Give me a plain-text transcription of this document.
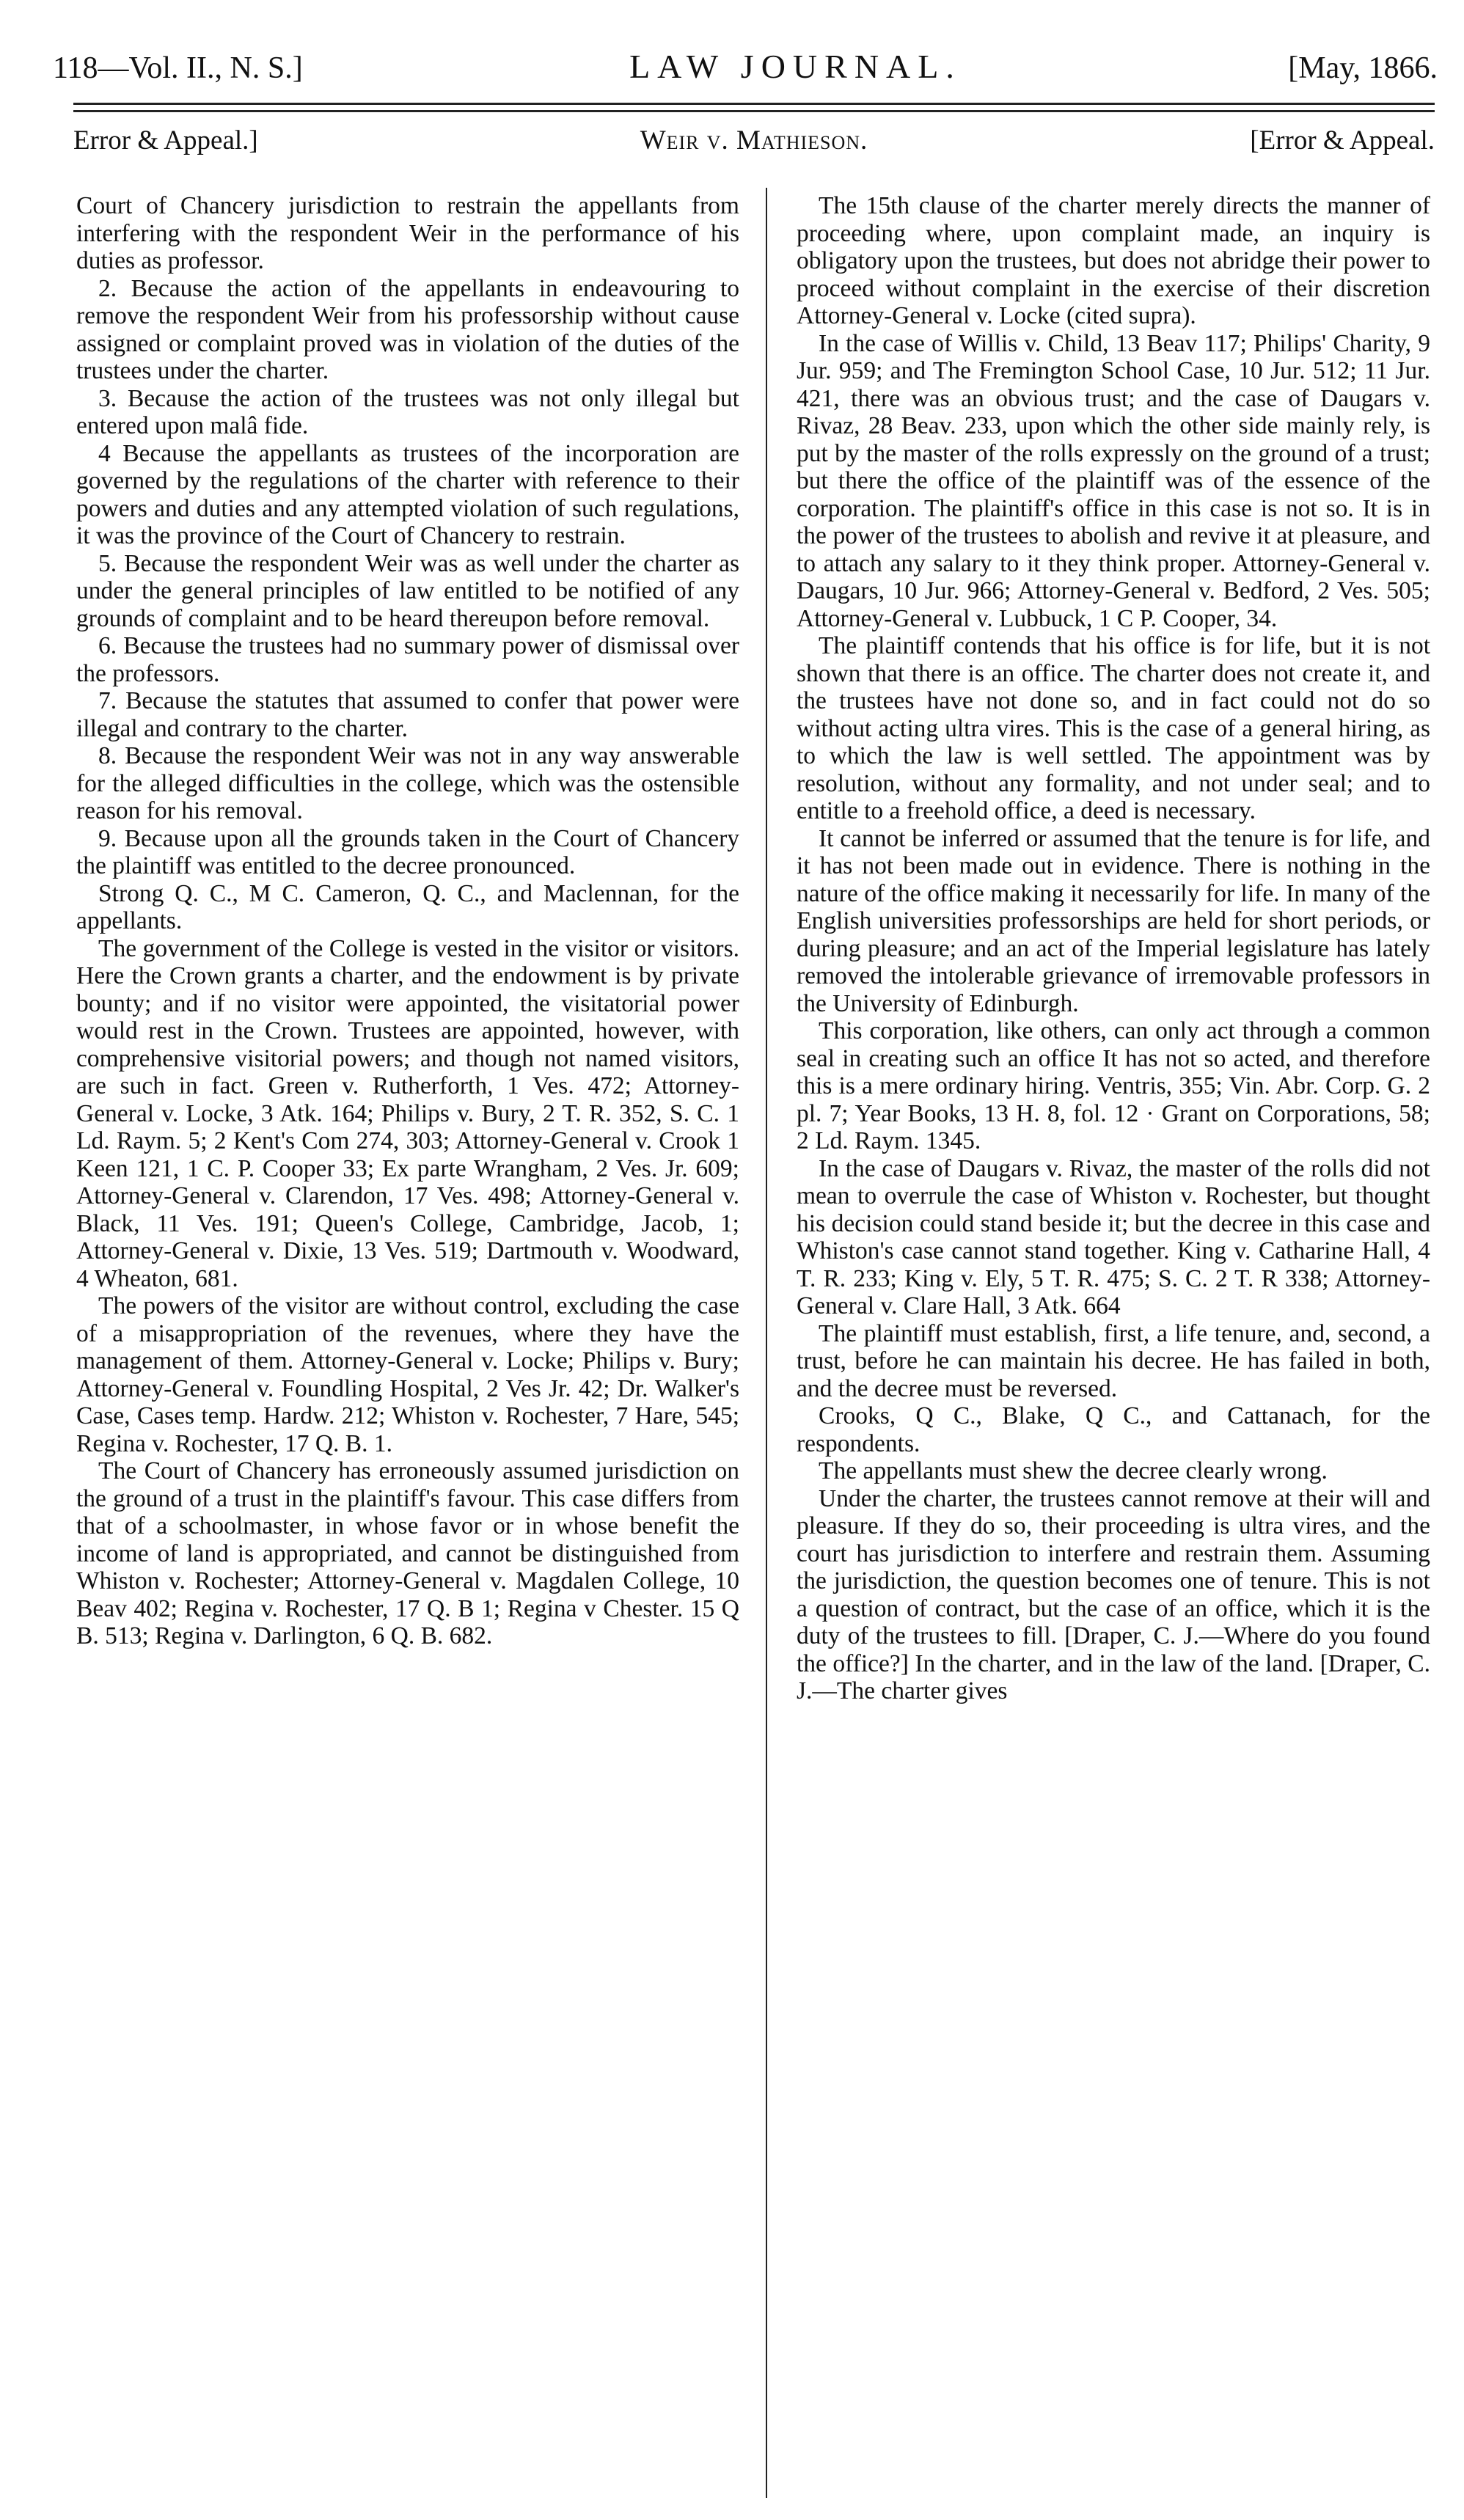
118—Vol. II., N. S.]	LAW JOURNAL.	[May, 1866.
Error & Appeal.]	Weir v. Mathieson.	[Error & Appeal.

Court of Chancery jurisdiction to restrain the appellants from interfering with the respondent Weir in the performance of his duties as professor.

2. Because the action of the appellants in endeavouring to remove the respondent Weir from his professorship without cause assigned or complaint proved was in violation of the duties of the trustees under the charter.

3. Because the action of the trustees was not only illegal but entered upon malâ fide.

4 Because the appellants as trustees of the incorporation are governed by the regulations of the charter with reference to their powers and duties and any attempted violation of such regulations, it was the province of the Court of Chancery to restrain.

5. Because the respondent Weir was as well under the charter as under the general principles of law entitled to be notified of any grounds of complaint and to be heard thereupon before removal.

6. Because the trustees had no summary power of dismissal over the professors.

7. Because the statutes that assumed to confer that power were illegal and contrary to the charter.

8. Because the respondent Weir was not in any way answerable for the alleged difficulties in the college, which was the ostensible reason for his removal.

9. Because upon all the grounds taken in the Court of Chancery the plaintiff was entitled to the decree pronounced.

Strong Q. C., M C. Cameron, Q. C., and Maclennan, for the appellants.

The government of the College is vested in the visitor or visitors. Here the Crown grants a charter, and the endowment is by private bounty; and if no visitor were appointed, the visitatorial power would rest in the Crown. Trustees are appointed, however, with comprehensive visitorial powers; and though not named visitors, are such in fact. Green v. Rutherforth, 1 Ves. 472; Attorney-General v. Locke, 3 Atk. 164; Philips v. Bury, 2 T. R. 352, S. C. 1 Ld. Raym. 5; 2 Kent's Com 274, 303; Attorney-General v. Crook 1 Keen 121, 1 C. P. Cooper 33; Ex parte Wrangham, 2 Ves. Jr. 609; Attorney-General v. Clarendon, 17 Ves. 498; Attorney-General v. Black, 11 Ves. 191; Queen's College, Cambridge, Jacob, 1; Attorney-General v. Dixie, 13 Ves. 519; Dartmouth v. Woodward, 4 Wheaton, 681.

The powers of the visitor are without control, excluding the case of a misappropriation of the revenues, where they have the management of them. Attorney-General v. Locke; Philips v. Bury; Attorney-General v. Foundling Hospital, 2 Ves Jr. 42; Dr. Walker's Case, Cases temp. Hardw. 212; Whiston v. Rochester, 7 Hare, 545; Regina v. Rochester, 17 Q. B. 1.

The Court of Chancery has erroneously assumed jurisdiction on the ground of a trust in the plaintiff's favour. This case differs from that of a schoolmaster, in whose favor or in whose benefit the income of land is appropriated, and cannot be distinguished from Whiston v. Rochester; Attorney-General v. Magdalen College, 10 Beav 402; Regina v. Rochester, 17 Q. B 1; Regina v Chester. 15 Q B. 513; Regina v. Darlington, 6 Q. B. 682.

The 15th clause of the charter merely directs the manner of proceeding where, upon complaint made, an inquiry is obligatory upon the trustees, but does not abridge their power to proceed without complaint in the exercise of their discretion Attorney-General v. Locke (cited supra).

In the case of Willis v. Child, 13 Beav 117; Philips' Charity, 9 Jur. 959; and The Fremington School Case, 10 Jur. 512; 11 Jur. 421, there was an obvious trust; and the case of Daugars v. Rivaz, 28 Beav. 233, upon which the other side mainly rely, is put by the master of the rolls expressly on the ground of a trust; but there the office of the plaintiff was of the essence of the corporation. The plaintiff's office in this case is not so. It is in the power of the trustees to abolish and revive it at pleasure, and to attach any salary to it they think proper. Attorney-General v. Daugars, 10 Jur. 966; Attorney-General v. Bedford, 2 Ves. 505; Attorney-General v. Lubbuck, 1 C P. Cooper, 34.

The plaintiff contends that his office is for life, but it is not shown that there is an office. The charter does not create it, and the trustees have not done so, and in fact could not do so without acting ultra vires. This is the case of a general hiring, as to which the law is well settled. The appointment was by resolution, without any formality, and not under seal; and to entitle to a freehold office, a deed is necessary.

It cannot be inferred or assumed that the tenure is for life, and it has not been made out in evidence. There is nothing in the nature of the office making it necessarily for life. In many of the English universities professorships are held for short periods, or during pleasure; and an act of the Imperial legislature has lately removed the intolerable grievance of irremovable professors in the University of Edinburgh.

This corporation, like others, can only act through a common seal in creating such an office It has not so acted, and therefore this is a mere ordinary hiring. Ventris, 355; Vin. Abr. Corp. G. 2 pl. 7; Year Books, 13 H. 8, fol. 12 · Grant on Corporations, 58; 2 Ld. Raym. 1345.

In the case of Daugars v. Rivaz, the master of the rolls did not mean to overrule the case of Whiston v. Rochester, but thought his decision could stand beside it; but the decree in this case and Whiston's case cannot stand together. King v. Catharine Hall, 4 T. R. 233; King v. Ely, 5 T. R. 475; S. C. 2 T. R 338; Attorney-General v. Clare Hall, 3 Atk. 664

The plaintiff must establish, first, a life tenure, and, second, a trust, before he can maintain his decree. He has failed in both, and the decree must be reversed.

Crooks, Q C., Blake, Q C., and Cattanach, for the respondents.

The appellants must shew the decree clearly wrong.

Under the charter, the trustees cannot remove at their will and pleasure. If they do so, their proceeding is ultra vires, and the court has jurisdiction to interfere and restrain them. Assuming the jurisdiction, the question becomes one of tenure. This is not a question of contract, but the case of an office, which it is the duty of the trustees to fill. [Draper, C. J.—Where do you found the office?] In the charter, and in the law of the land. [Draper, C. J.—The charter gives
